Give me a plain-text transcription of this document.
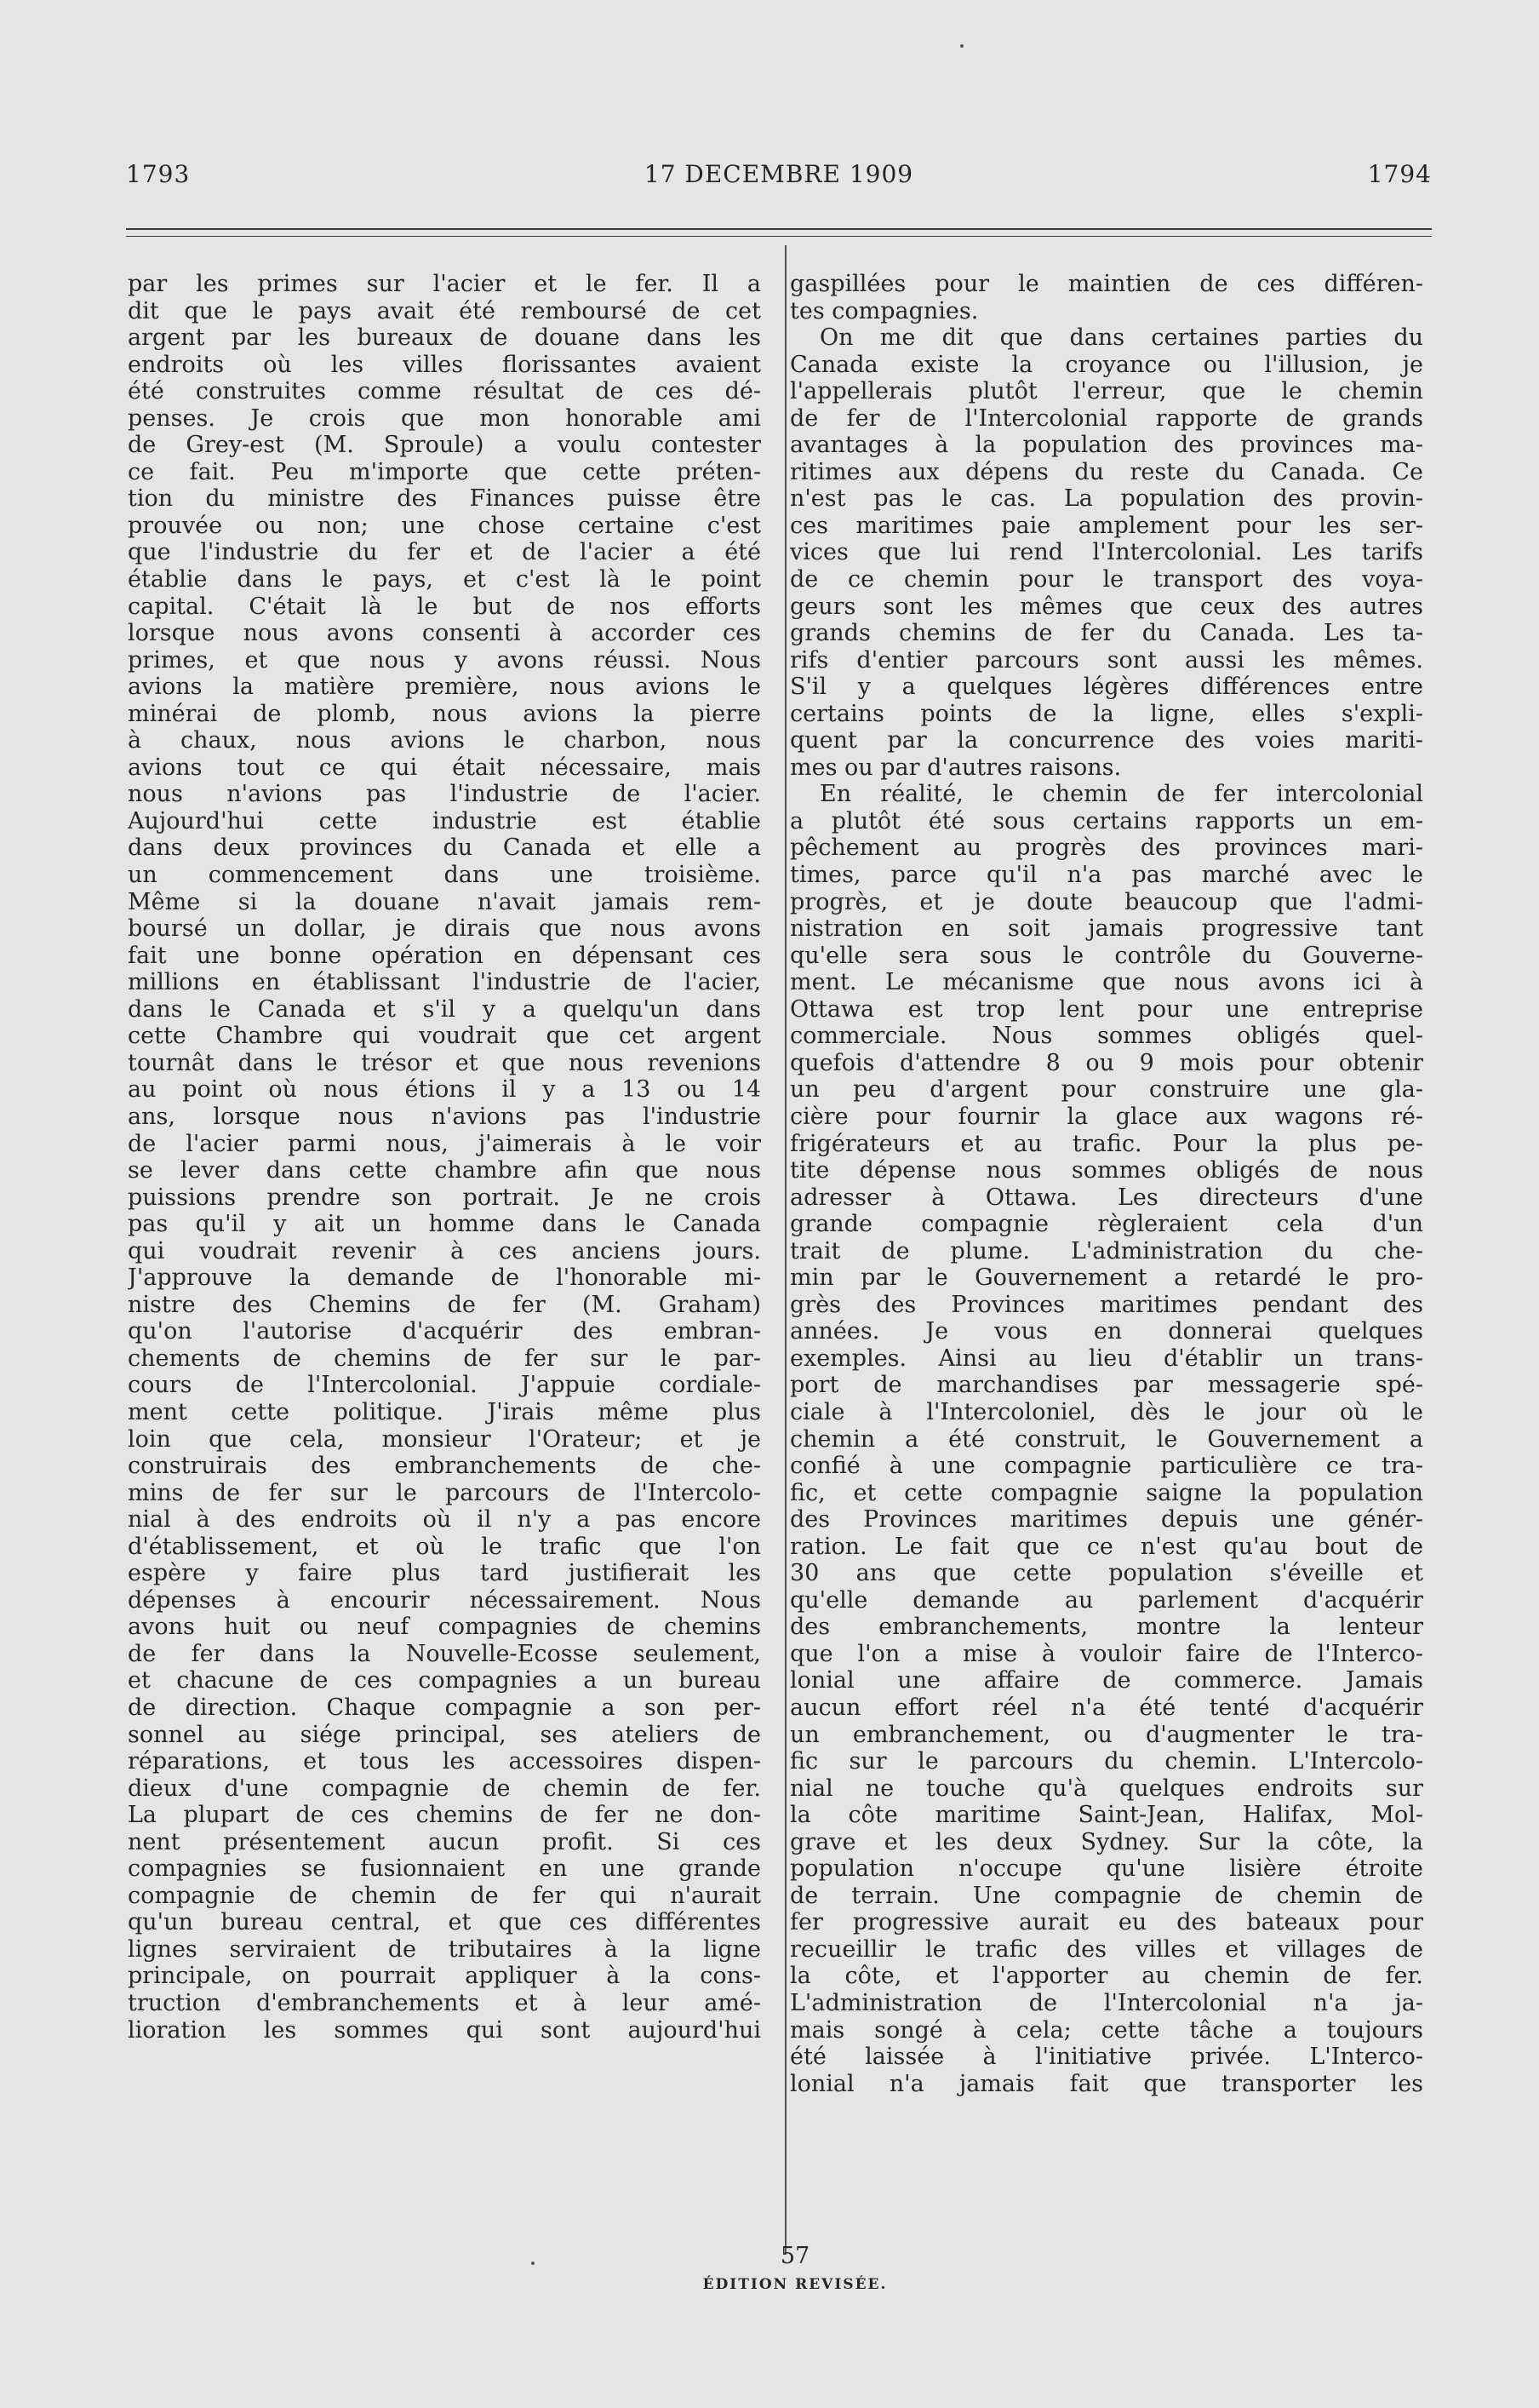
1793	17 DECEMBRE 1909	1794
par les primes sur l'acier et le fer. Il a
dit que le pays avait été remboursé de cet
argent par les bureaux de douane dans les
endroits où les villes florissantes avaient
été construites comme résultat de ces dé-
penses. Je crois que mon honorable ami
de Grey-est (M. Sproule) a voulu contester
ce fait. Peu m'importe que cette préten-
tion du ministre des Finances puisse être
prouvée ou non; une chose certaine c'est
que l'industrie du fer et de l'acier a été
établie dans le pays, et c'est là le point
capital. C'était là le but de nos efforts
lorsque nous avons consenti à accorder ces
primes, et que nous y avons réussi. Nous
avions la matière première, nous avions le
minérai de plomb, nous avions la pierre
à chaux, nous avions le charbon, nous
avions tout ce qui était nécessaire, mais
nous n'avions pas l'industrie de l'acier.
Aujourd'hui cette industrie est établie
dans deux provinces du Canada et elle a
un commencement dans une troisième.
Même si la douane n'avait jamais rem-
boursé un dollar, je dirais que nous avons
fait une bonne opération en dépensant ces
millions en établissant l'industrie de l'acier,
dans le Canada et s'il y a quelqu'un dans
cette Chambre qui voudrait que cet argent
tournât dans le trésor et que nous revenions
au point où nous étions il y a 13 ou 14
ans, lorsque nous n'avions pas l'industrie
de l'acier parmi nous, j'aimerais à le voir
se lever dans cette chambre afin que nous
puissions prendre son portrait. Je ne crois
pas qu'il y ait un homme dans le Canada
qui voudrait revenir à ces anciens jours.
J'approuve la demande de l'honorable mi-
nistre des Chemins de fer (M. Graham)
qu'on l'autorise d'acquérir des embran-
chements de chemins de fer sur le par-
cours de l'Intercolonial. J'appuie cordiale-
ment cette politique. J'irais même plus
loin que cela, monsieur l'Orateur; et je
construirais des embranchements de che-
mins de fer sur le parcours de l'Intercolo-
nial à des endroits où il n'y a pas encore
d'établissement, et où le trafic que l'on
espère y faire plus tard justifierait les
dépenses à encourir nécessairement. Nous
avons huit ou neuf compagnies de chemins
de fer dans la Nouvelle-Ecosse seulement,
et chacune de ces compagnies a un bureau
de direction. Chaque compagnie a son per-
sonnel au siége principal, ses ateliers de
réparations, et tous les accessoires dispen-
dieux d'une compagnie de chemin de fer.
La plupart de ces chemins de fer ne don-
nent présentement aucun profit. Si ces
compagnies se fusionnaient en une grande
compagnie de chemin de fer qui n'aurait
qu'un bureau central, et que ces différentes
lignes serviraient de tributaires à la ligne
principale, on pourrait appliquer à la cons-
truction d'embranchements et à leur amé-
lioration les sommes qui sont aujourd'hui
gaspillées pour le maintien de ces différen-
tes compagnies.
On me dit que dans certaines parties du
Canada existe la croyance ou l'illusion, je
l'appellerais plutôt l'erreur, que le chemin
de fer de l'Intercolonial rapporte de grands
avantages à la population des provinces ma-
ritimes aux dépens du reste du Canada. Ce
n'est pas le cas. La population des provin-
ces maritimes paie amplement pour les ser-
vices que lui rend l'Intercolonial. Les tarifs
de ce chemin pour le transport des voya-
geurs sont les mêmes que ceux des autres
grands chemins de fer du Canada. Les ta-
rifs d'entier parcours sont aussi les mêmes.
S'il y a quelques légères différences entre
certains points de la ligne, elles s'expli-
quent par la concurrence des voies mariti-
mes ou par d'autres raisons.
En réalité, le chemin de fer intercolonial
a plutôt été sous certains rapports un em-
pêchement au progrès des provinces mari-
times, parce qu'il n'a pas marché avec le
progrès, et je doute beaucoup que l'admi-
nistration en soit jamais progressive tant
qu'elle sera sous le contrôle du Gouverne-
ment. Le mécanisme que nous avons ici à
Ottawa est trop lent pour une entreprise
commerciale. Nous sommes obligés quel-
quefois d'attendre 8 ou 9 mois pour obtenir
un peu d'argent pour construire une gla-
cière pour fournir la glace aux wagons ré-
frigérateurs et au trafic. Pour la plus pe-
tite dépense nous sommes obligés de nous
adresser à Ottawa. Les directeurs d'une
grande compagnie règleraient cela d'un
trait de plume. L'administration du che-
min par le Gouvernement a retardé le pro-
grès des Provinces maritimes pendant des
années. Je vous en donnerai quelques
exemples. Ainsi au lieu d'établir un trans-
port de marchandises par messagerie spé-
ciale à l'Intercoloniel, dès le jour où le
chemin a été construit, le Gouvernement a
confié à une compagnie particulière ce tra-
fic, et cette compagnie saigne la population
des Provinces maritimes depuis une génér-
ration. Le fait que ce n'est qu'au bout de
30 ans que cette population s'éveille et
qu'elle demande au parlement d'acquérir
des embranchements, montre la lenteur
que l'on a mise à vouloir faire de l'Interco-
lonial une affaire de commerce. Jamais
aucun effort réel n'a été tenté d'acquérir
un embranchement, ou d'augmenter le tra-
fic sur le parcours du chemin. L'Intercolo-
nial ne touche qu'à quelques endroits sur
la côte maritime Saint-Jean, Halifax, Mol-
grave et les deux Sydney. Sur la côte, la
population n'occupe qu'une lisière étroite
de terrain. Une compagnie de chemin de
fer progressive aurait eu des bateaux pour
recueillir le trafic des villes et villages de
la côte, et l'apporter au chemin de fer.
L'administration de l'Intercolonial n'a ja-
mais songé à cela; cette tâche a toujours
été laissée à l'initiative privée. L'Interco-
lonial n'a jamais fait que transporter les
57
ÉDITION REVISÉE.
